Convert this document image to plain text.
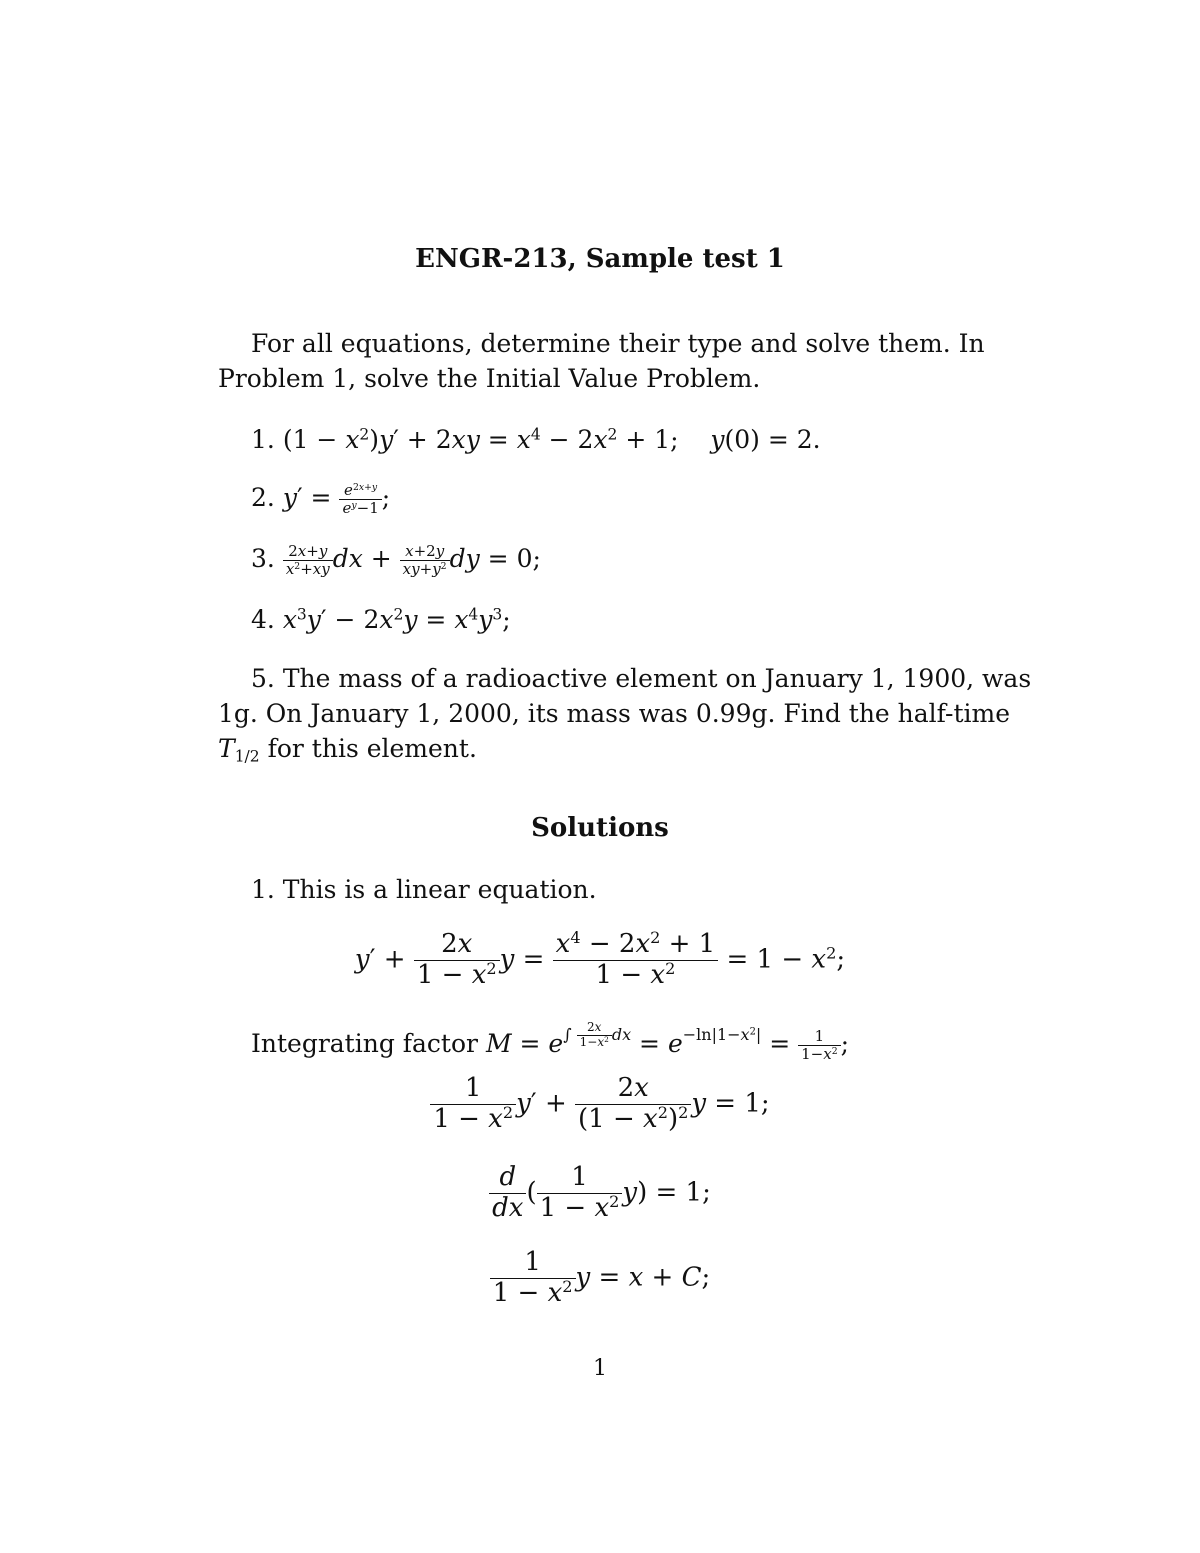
ENGR-213, Sample test 1
For all equations, determine their type and solve them. In
Problem 1, solve the Initial Value Problem.
1. $(1 - x^2)y' + 2xy = x^4 - 2x^2 + 1$;    y(0) = 2.
2. $y' = \frac{e^{2x+y}}{e^y-1}$ ;
3. $\frac{2x+y}{x^2+xy}$ dx + $\frac{x+2y}{xy+y^2}$ dy = 0;
4. $x^3y' - 2x^2y = x^4y^3$;
5. The mass of a radioactive element on January 1, 1900, was
1g. On January 1, 2000, its mass was 0.99g. Find the half-time
$T_{1/2}$ for this element.
Solutions
1. This is a linear equation.
$y' + \frac{2x}{1 - x^2}$ $y = \frac{x^4 - 2x^2 + 1}{1 - x^2} = 1 - x^2$;
Integrating factor $M = e\int \frac{2x}{1-x^2}$ dx = $e-\ln|1-x^2| = \frac{1}{1-x^2}$ ;
$\frac{1}{1 - x^2} y' + \frac{2x}{(1 - x^2)^2}$ y = 1;
$\frac{d}{dx}$ ( $\frac{1}{1 - x^2} y) = 1$;
$\frac{1}{1 - x^2}$ y = x + C;
1
